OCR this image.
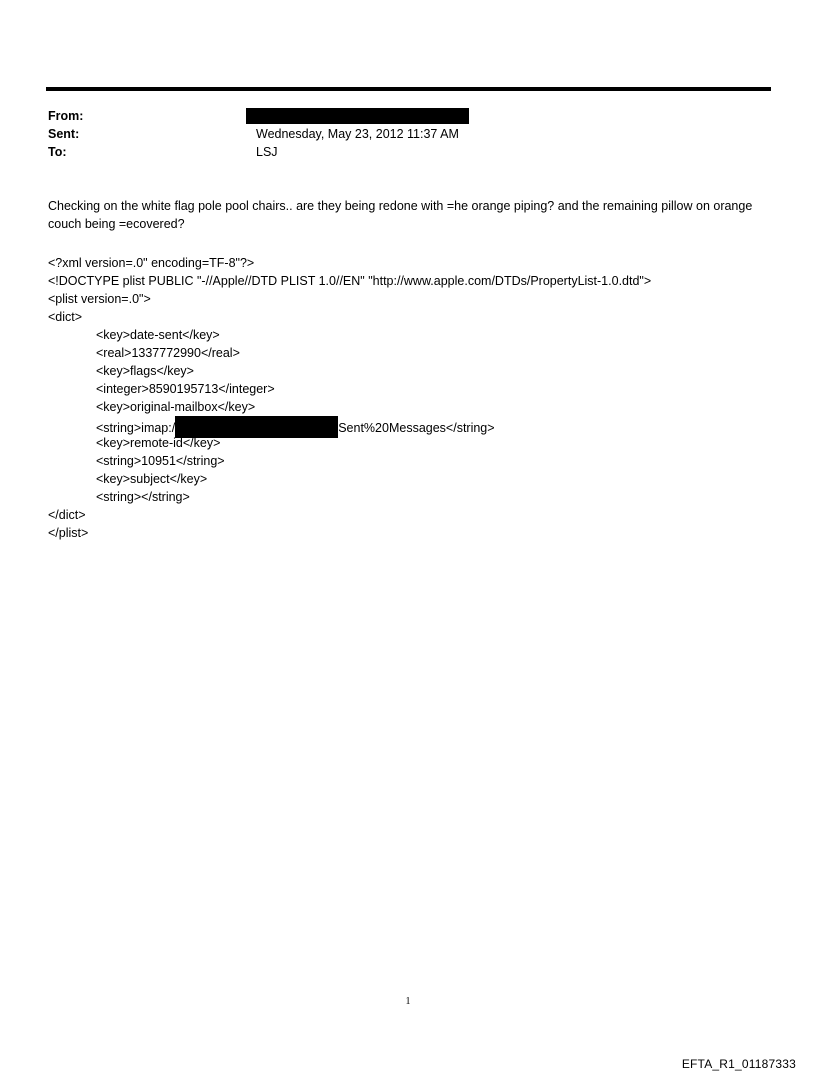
From:
Sent:	Wednesday, May 23, 2012 11:37 AM
To:	LSJ
Checking on the white flag pole pool chairs.. are they being redone with =he orange piping? and the remaining pillow on orange couch being =ecovered?
<?xml version=.0" encoding=TF-8"?>
<!DOCTYPE plist PUBLIC "-//Apple//DTD PLIST 1.0//EN" "http://www.apple.com/DTDs/PropertyList-1.0.dtd">
<plist version=.0">
<dict>
<key>date-sent</key>
<real>1337772990</real>
<key>flags</key>
<integer>8590195713</integer>
<key>original-mailbox</key>
<string>imap:/	Sent%20Messages</string>
<key>remote-id</key>
<string>10951</string>
<key>subject</key>
<string></string>
</dict>
</plist>
1
EFTA_R1_01187333
